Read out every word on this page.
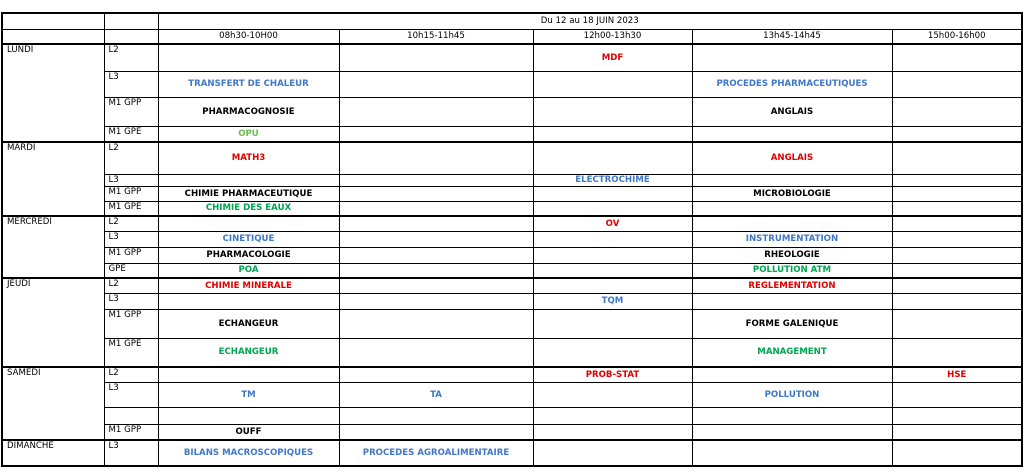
		Du 12 au 18 JUIN 2023				
		08h30-10H00	10h15-11h45	12h00-13h30	13h45-14h45	15h00-16h00
LUNDI	L2			MDF		
	L3	TRANSFERT DE CHALEUR			PROCEDES PHARMACEUTIQUES	
	M1 GPP	PHARMACOGNOSIE			ANGLAIS	
	M1 GPE	OPU				
MARDI	L2	MATH3			ANGLAIS	
	L3			ELECTROCHIME		
	M1 GPP	CHIMIE PHARMACEUTIQUE			MICROBIOLOGIE	
	M1 GPE	CHIMIE DES EAUX				
MERCREDI	L2			OV		
	L3	CINETIQUE			INSTRUMENTATION	
	M1 GPP	PHARMACOLOGIE			RHEOLOGIE	
	GPE	POA			POLLUTION ATM	
JEUDI	L2	CHIMIE MINERALE			REGLEMENTATION	
	L3			TQM		
	M1 GPP	ECHANGEUR			FORME GALENIQUE	
	M1 GPE	ECHANGEUR			MANAGEMENT	
SAMEDI	L2			PROB-STAT		HSE
	L3	TM	TA		POLLUTION	

	M1 GPP	OUFF				
DIMANCHE	L3	BILANS MACROSCOPIQUES	PROCEDES AGROALIMENTAIRE			
